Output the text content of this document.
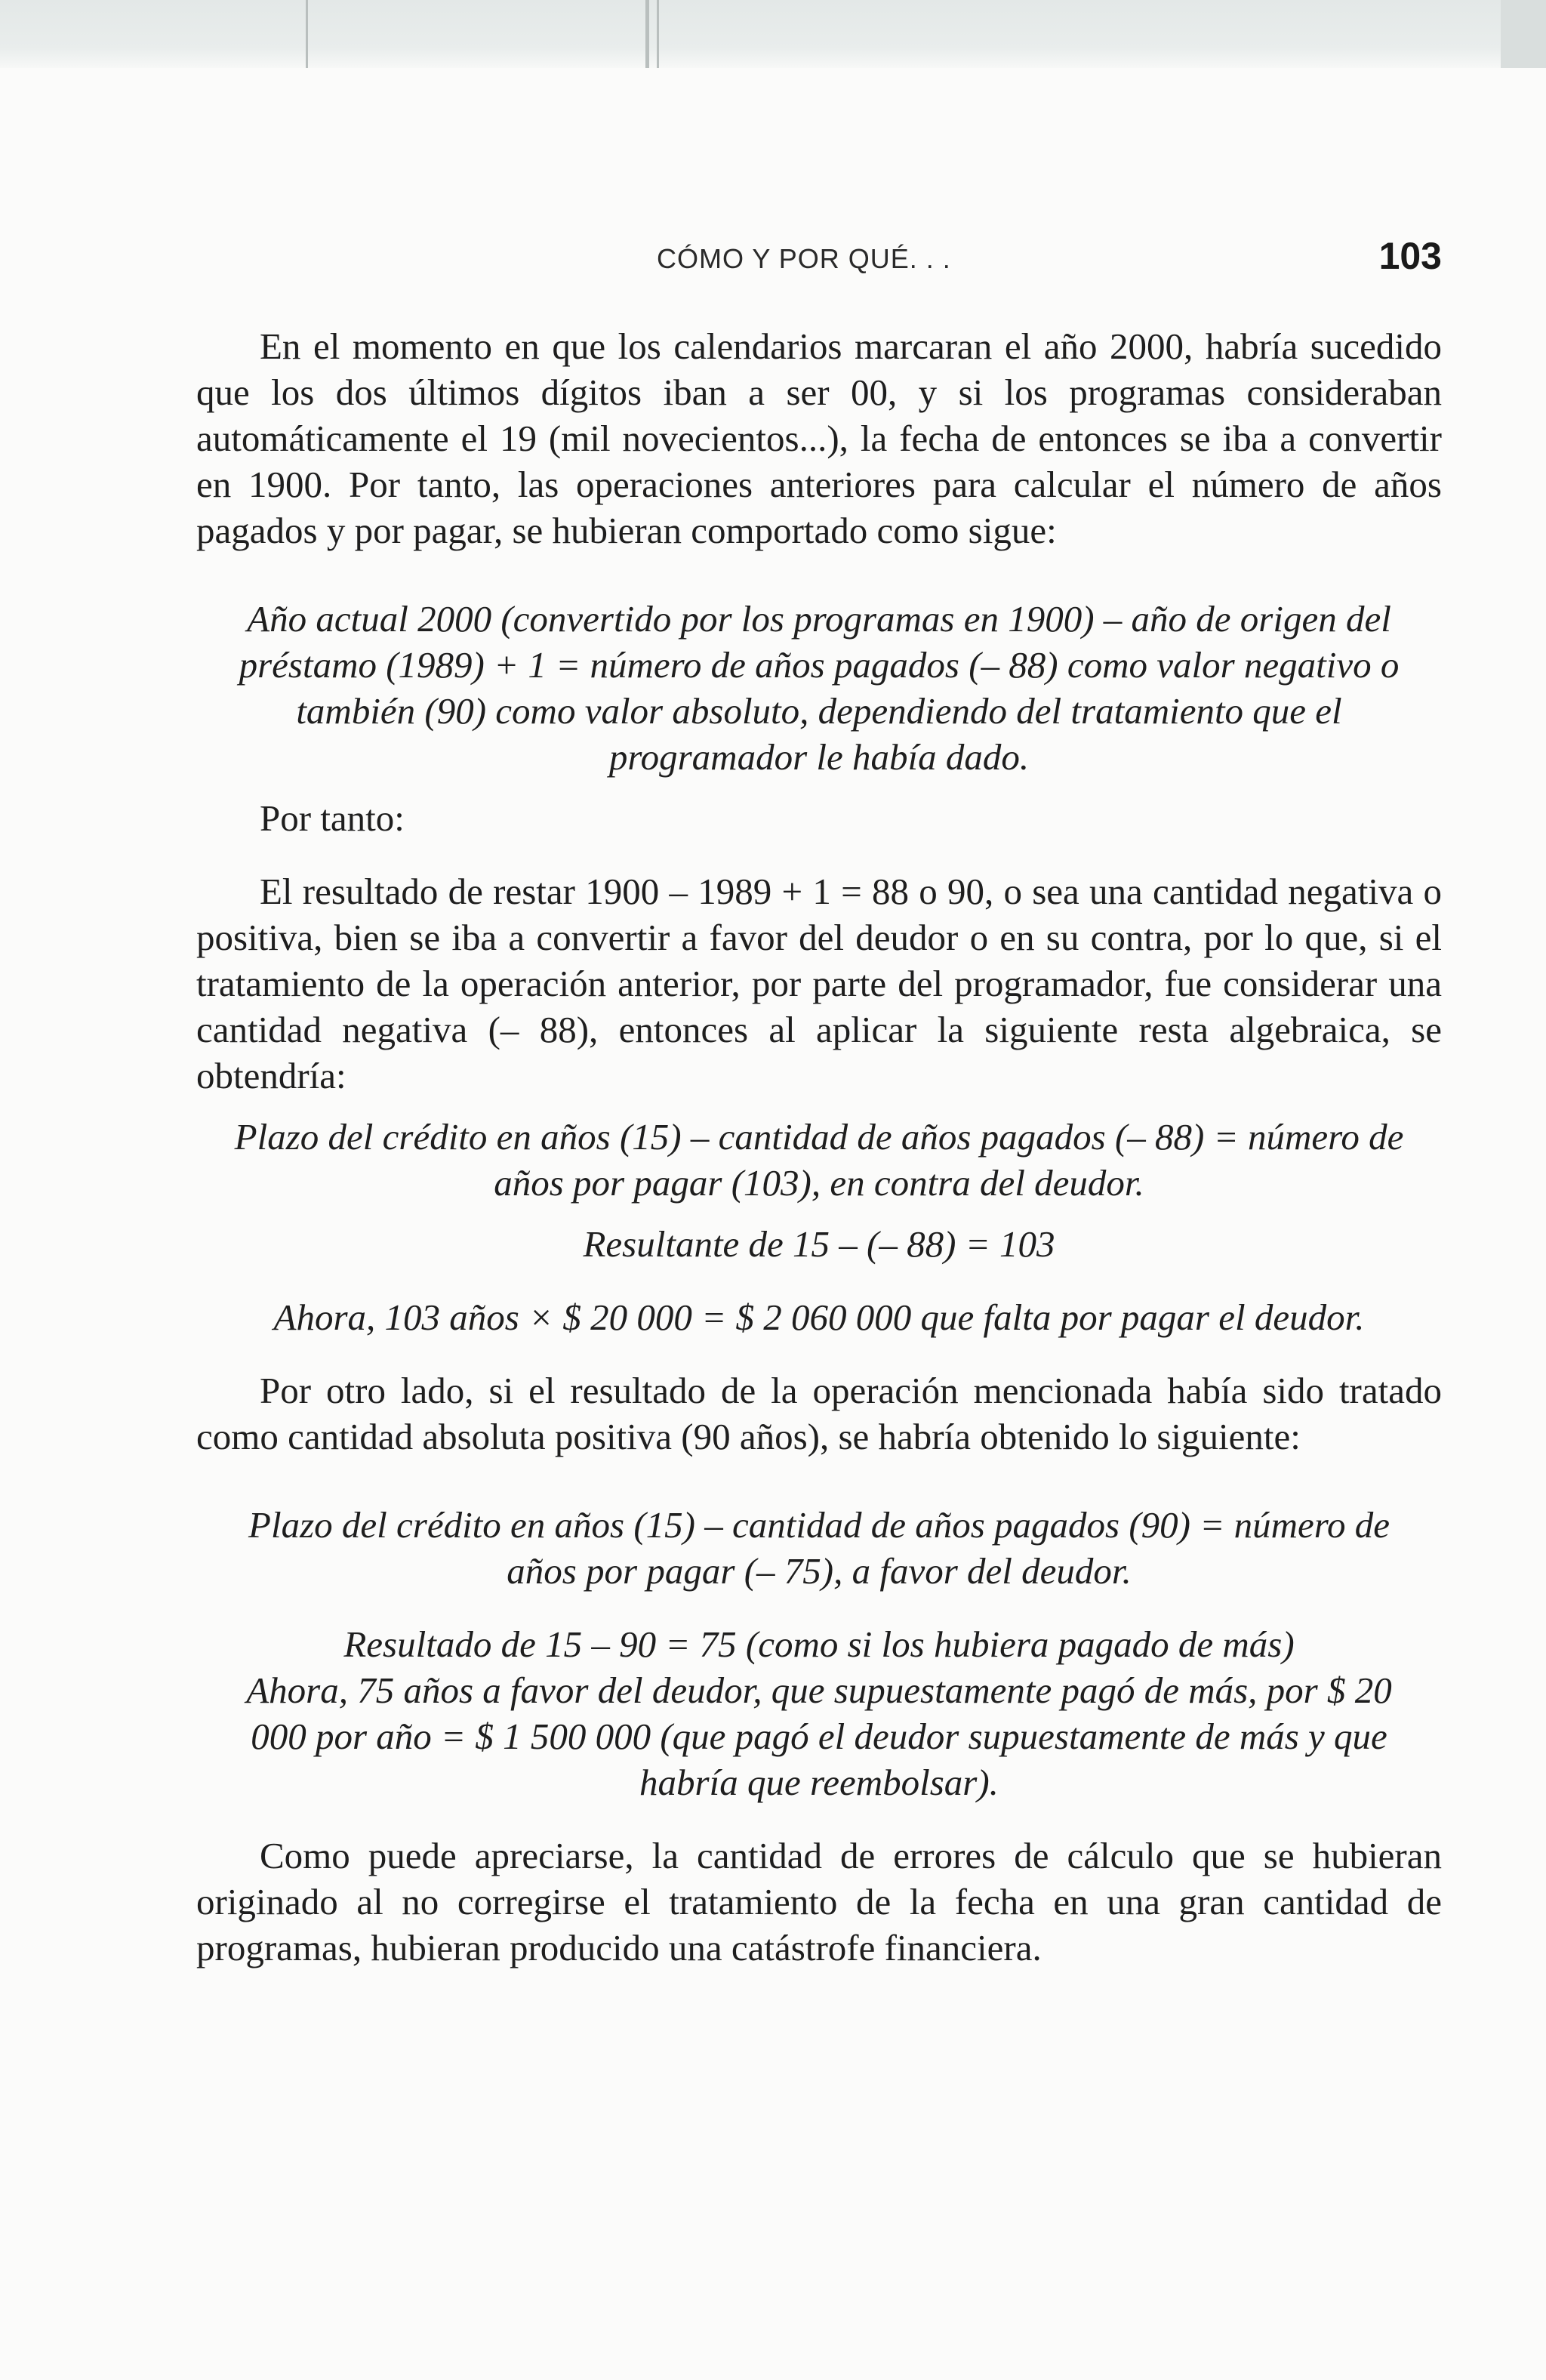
CÓMO Y POR QUÉ. . .	103

En el momento en que los calendarios marcaran el año 2000, habría sucedido que los dos últimos dígitos iban a ser 00, y si los programas consideraban automáticamente el 19 (mil novecientos...), la fecha de entonces se iba a convertir en 1900. Por tanto, las operaciones anteriores para calcular el número de años pagados y por pagar, se hubieran comportado como sigue:

Año actual 2000 (convertido por los programas en 1900) – año de origen del préstamo (1989) + 1 = número de años pagados (– 88) como valor negativo o también (90) como valor absoluto, dependiendo del tratamiento que el programador le había dado.

Por tanto:

El resultado de restar 1900 – 1989 + 1 = 88 o 90, o sea una cantidad negativa o positiva, bien se iba a convertir a favor del deudor o en su contra, por lo que, si el tratamiento de la operación anterior, por parte del programador, fue considerar una cantidad negativa (– 88), entonces al aplicar la siguiente resta algebraica, se obtendría:

Plazo del crédito en años (15) – cantidad de años pagados (– 88) = número de años por pagar (103), en contra del deudor.

Resultante de 15 – (– 88) = 103

Ahora, 103 años × $ 20 000 = $ 2 060 000 que falta por pagar el deudor.

Por otro lado, si el resultado de la operación mencionada había sido tratado como cantidad absoluta positiva (90 años), se habría obtenido lo siguiente:

Plazo del crédito en años (15) – cantidad de años pagados (90) = número de años por pagar (– 75), a favor del deudor.

Resultado de 15 – 90 = 75 (como si los hubiera pagado de más)

Ahora, 75 años a favor del deudor, que supuestamente pagó de más, por $ 20 000 por año = $ 1 500 000 (que pagó el deudor supuestamente de más y que habría que reembolsar).

Como puede apreciarse, la cantidad de errores de cálculo que se hubieran originado al no corregirse el tratamiento de la fecha en una gran cantidad de programas, hubieran producido una catástrofe financiera.
